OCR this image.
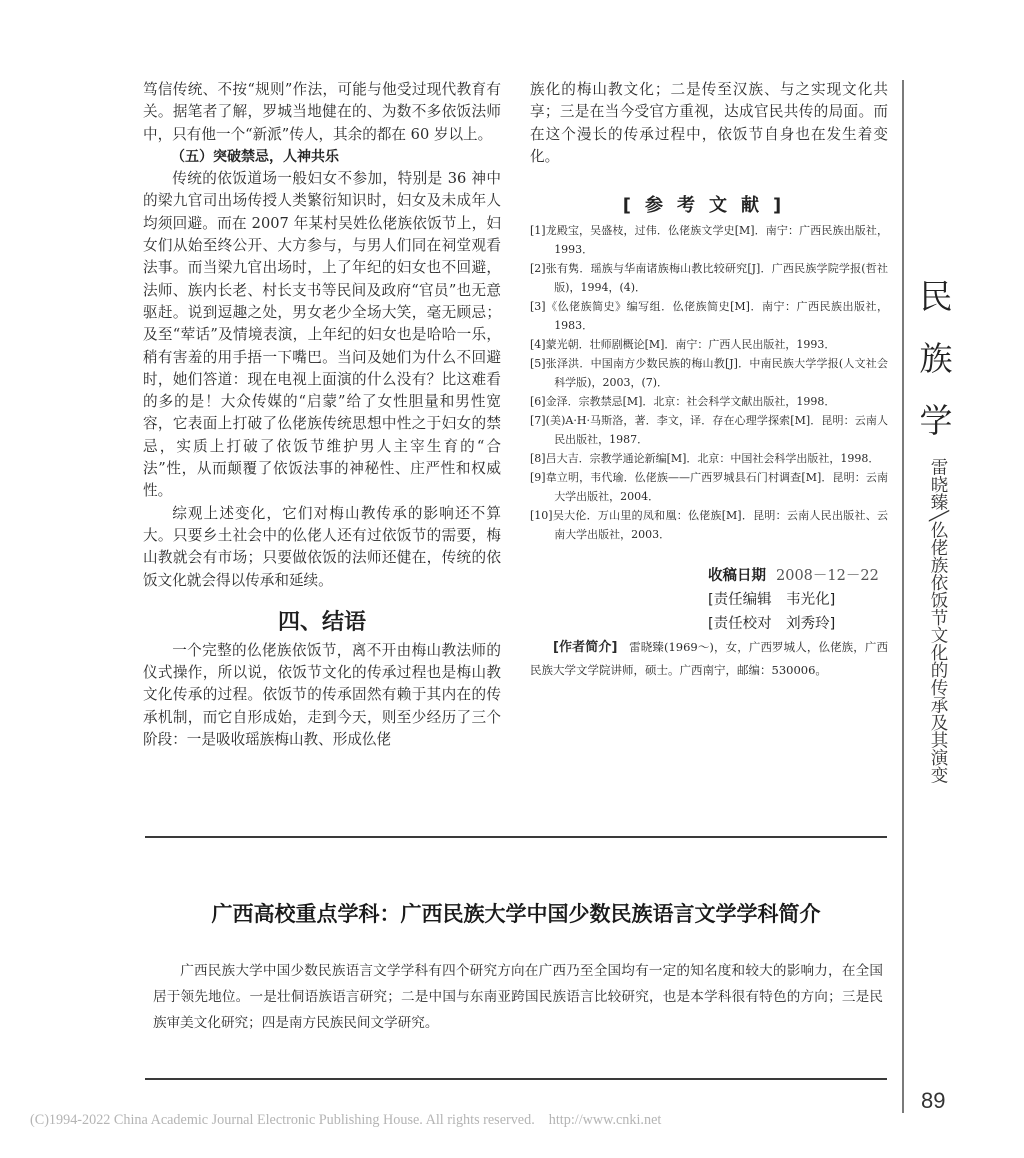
笃信传统、不按“规则”作法，可能与他受过现代教育有关。据笔者了解，罗城当地健在的、为数不多依饭法师中，只有他一个“新派”传人，其余的都在 60 岁以上。

（五）突破禁忌，人神共乐

传统的依饭道场一般妇女不参加，特别是 36 神中的梁九官司出场传授人类繁衍知识时，妇女及未成年人均须回避。而在 2007 年某村吴姓仫佬族依饭节上，妇女们从始至终公开、大方参与，与男人们同在祠堂观看法事。而当梁九官出场时，上了年纪的妇女也不回避，法师、族内长老、村长支书等民间及政府“官员”也无意驱赶。说到逗趣之处，男女老少全场大笑，毫无顾忌；及至“荤话”及情境表演，上年纪的妇女也是哈哈一乐，稍有害羞的用手捂一下嘴巴。当问及她们为什么不回避时，她们答道：现在电视上面演的什么没有？比这难看的多的是！大众传媒的“启蒙”给了女性胆量和男性宽容，它表面上打破了仫佬族传统思想中性之于妇女的禁忌，实质上打破了依饭节维护男人主宰生育的“合法”性，从而颠覆了依饭法事的神秘性、庄严性和权威性。

综观上述变化，它们对梅山教传承的影响还不算大。只要乡土社会中的仫佬人还有过依饭节的需要，梅山教就会有市场；只要做依饭的法师还健在，传统的依饭文化就会得以传承和延续。

四、结语

一个完整的仫佬族依饭节，离不开由梅山教法师的仪式操作，所以说，依饭节文化的传承过程也是梅山教文化传承的过程。依饭节的传承固然有赖于其内在的传承机制，而它自形成始，走到今天，则至少经历了三个阶段：一是吸收瑶族梅山教、形成仫佬

族化的梅山教文化；二是传至汉族、与之实现文化共享；三是在当今受官方重视，达成官民共传的局面。而在这个漫长的传承过程中，依饭节自身也在发生着变化。

[参考文献]

[1]龙殿宝，吴盛枝，过伟．仫佬族文学史[M]．南宁：广西民族出版社，1993．

[2]张有隽．瑶族与华南诸族梅山教比较研究[J]．广西民族学院学报(哲社版)，1994，(4)．

[3]《仫佬族简史》编写组．仫佬族简史[M]．南宁：广西民族出版社，1983．

[4]蒙光朝．壮师剧概论[M]．南宁：广西人民出版社，1993．

[5]张泽洪．中国南方少数民族的梅山教[J]．中南民族大学学报(人文社会科学版)，2003，(7)．

[6]金泽．宗教禁忌[M]．北京：社会科学文献出版社，1998．

[7](美)A·H·马斯洛，著．李文，译．存在心理学探索[M]．昆明：云南人民出版社，1987．

[8]吕大吉．宗教学通论新编[M]．北京：中国社会科学出版社，1998．

[9]韋立明，韦代瑜．仫佬族——广西罗城县石门村调查[M]．昆明：云南大学出版社，2004．

[10]吴大伦．万山里的凤和凰：仫佬族[M]．昆明：云南人民出版社、云南大学出版社，2003．

收稿日期 2008－12－22
[责任编辑　韦光化]
[责任校对　刘秀玲]

[作者简介]　 雷晓臻(1969～)，女，广西罗城人，仫佬族，广西民族大学文学院讲师，硕士。广西南宁，邮编：530006。

民
族
学
雷晓臻╲仫佬族依饭节文化的传承及其演变
广西高校重点学科：广西民族大学中国少数民族语言文学学科简介

广西民族大学中国少数民族语言文学学科有四个研究方向在广西乃至全国均有一定的知名度和较大的影响力，在全国居于领先地位。一是壮侗语族语言研究；二是中国与东南亚跨国民族语言比较研究，也是本学科很有特色的方向；三是民族审美文化研究；四是南方民族民间文学研究。

89
(C)1994-2022 China Academic Journal Electronic Publishing House. All rights reserved. http://www.cnki.net
